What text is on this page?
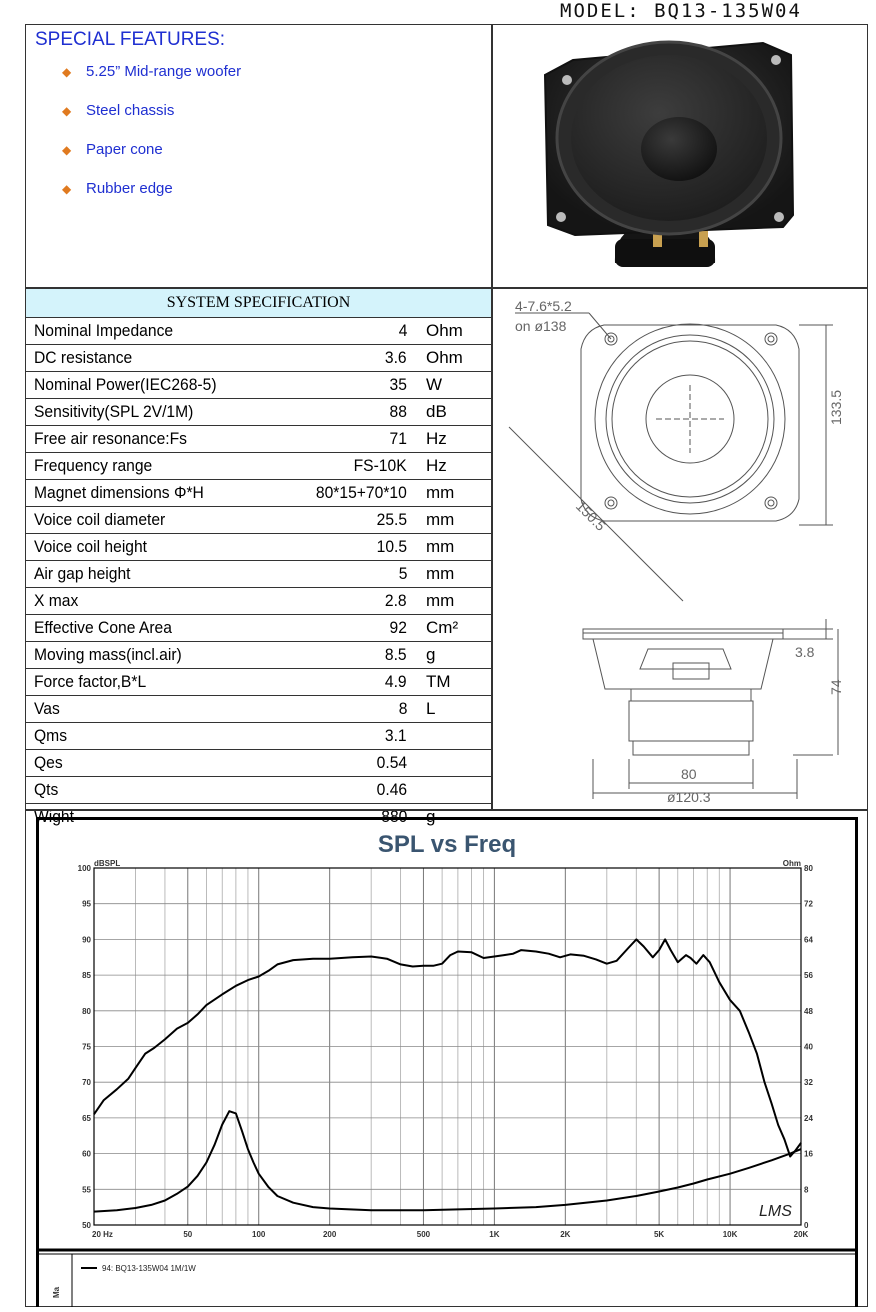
MODEL: BQ13-135W04
SPECIAL FEATURES:
◆ 5.25” Mid-range woofer
◆ Steel chassis
◆ Paper cone
◆ Rubber edge
SYSTEM SPECIFICATION
Nominal Impedance	4 Ohm
DC resistance	3.6 Ohm
Nominal Power(IEC268-5)	35 W
Sensitivity(SPL 2V/1M)	88 dB
Free air resonance:Fs	71 Hz
Frequency range	FS-10K Hz
Magnet dimensions Φ*H	80*15+70*10 mm
Voice coil diameter	25.5 mm
Voice coil height	10.5 mm
Air gap height	5 mm
X max	2.8 mm
Effective Cone Area	92 Cm²
Moving mass(incl.air)	8.5 g
Force factor,B*L	4.9 TM
Vas	8 L
Qms	3.1
Qes	0.54
Qts	0.46
Wight	880 g
4-7.6*5.2
on ø138
133.5
150.5
3.8
74
80
ø120.3
SPL vs Freq
dBSPL	Ohm
50
55
60
65
70
75
80
85
90
95
100
0
8
16
24
32
40
48
56
64
72
80
20 Hz	50	100	200	500	1K	2K	5K	10K	20K
LMS
94: BQ13-135W04 1M/1W
Ma
